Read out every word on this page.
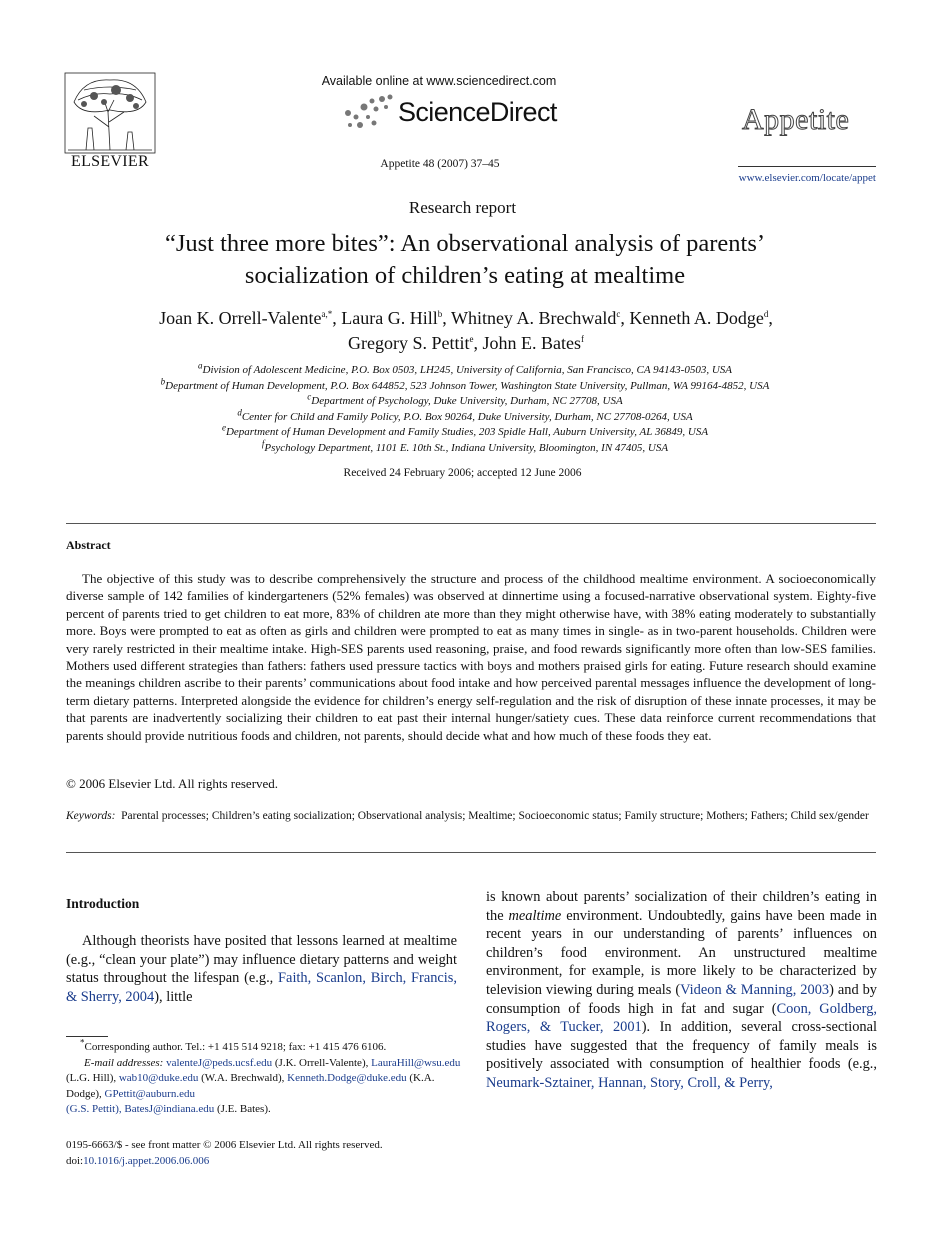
ELSEVIER
Available online at www.sciencedirect.com
ScienceDirect
Appetite 48 (2007) 37–45
Appetite
www.elsevier.com/locate/appet
Research report
“Just three more bites”: An observational analysis of parents’
socialization of children’s eating at mealtime
Joan K. Orrell-Valente$^{a,*}$, Laura G. Hill$^b$, Whitney A. Brechwald$^c$, Kenneth A. Dodge$^d$,
Gregory S. Pettit$^e$, John E. Bates$^f$
$^a$Division of Adolescent Medicine, P.O. Box 0503, LH245, University of California, San Francisco, CA 94143-0503, USA
$^b$Department of Human Development, P.O. Box 644852, 523 Johnson Tower, Washington State University, Pullman, WA 99164-4852, USA
$^c$Department of Psychology, Duke University, Durham, NC 27708, USA
$^d$Center for Child and Family Policy, P.O. Box 90264, Duke University, Durham, NC 27708-0264, USA
$^e$Department of Human Development and Family Studies, 203 Spidle Hall, Auburn University, AL 36849, USA
$^f$Psychology Department, 1101 E. 10th St., Indiana University, Bloomington, IN 47405, USA
Received 24 February 2006; accepted 12 June 2006
Abstract

The objective of this study was to describe comprehensively the structure and process of the childhood mealtime environment. A socioeconomically diverse sample of 142 families of kindergarteners (52% females) was observed at dinnertime using a focused-narrative observational system. Eighty-five percent of parents tried to get children to eat more, 83% of children ate more than they might otherwise have, with 38% eating moderately to substantially more. Boys were prompted to eat as often as girls and children were prompted to eat as many times in single- as in two-parent households. Children were very rarely restricted in their mealtime intake. High-SES parents used reasoning, praise, and food rewards significantly more often than low-SES families. Mothers used different strategies than fathers: fathers used pressure tactics with boys and mothers praised girls for eating. Future research should examine the meanings children ascribe to their parents’ communications about food intake and how perceived parental messages influence the development of long-term dietary patterns. Interpreted alongside the evidence for children’s energy self-regulation and the risk of disruption of these innate processes, it may be that parents are inadvertently socializing their children to eat past their internal hunger/satiety cues. These data reinforce current recommendations that parents should provide nutritious foods and children, not parents, should decide what and how much of these foods they eat.

© 2006 Elsevier Ltd. All rights reserved.
Keywords: Parental processes; Children’s eating socialization; Observational analysis; Mealtime; Socioeconomic status; Family structure; Mothers; Fathers; Child sex/gender
Introduction
Although theorists have posited that lessons learned at mealtime (e.g., “clean your plate”) may influence dietary patterns and weight status throughout the lifespan (e.g., Faith, Scanlon, Birch, Francis, & Sherry, 2004), little
is known about parents’ socialization of their children’s eating in the mealtime environment. Undoubtedly, gains have been made in recent years in our understanding of parents’ influences on children’s food environment. An unstructured mealtime environment, for example, is more likely to be characterized by television viewing during meals (Videon & Manning, 2003) and by consumption of foods high in fat and sugar (Coon, Goldberg, Rogers, & Tucker, 2001). In addition, several cross-sectional studies have suggested that the frequency of family meals is positively associated with consumption of healthier foods (e.g., Neumark-Sztainer, Hannan, Story, Croll, & Perry,
*Corresponding author. Tel.: +1 415 514 9218; fax: +1 415 476 6106.
E-mail addresses: valenteJ@peds.ucsf.edu (J.K. Orrell-Valente), LauraHill@wsu.edu (L.G. Hill), wab10@duke.edu (W.A. Brechwald), Kenneth.Dodge@duke.edu (K.A. Dodge), GPettit@auburn.edu
(G.S. Pettit), BatesJ@indiana.edu (J.E. Bates).
0195-6663/$ - see front matter © 2006 Elsevier Ltd. All rights reserved.
doi:10.1016/j.appet.2006.06.006
